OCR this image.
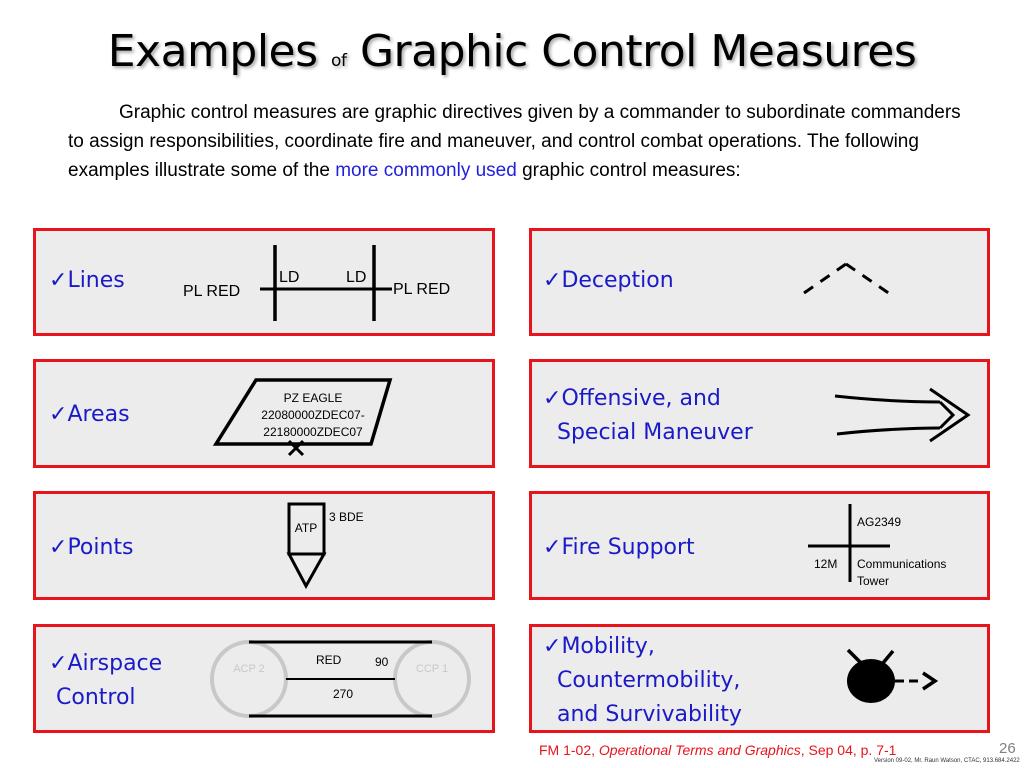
Examples of Graphic Control Measures

Graphic control measures are graphic directives given by a commander to subordinate commanders to assign responsibilities, coordinate fire and maneuver, and control combat operations. The following examples illustrate some of the more commonly used graphic control measures:

✓Lines	PL RED	PL RED
LD	LD	✓Deception
✓Areas
PZ EAGLE
22080000ZDEC07-
22180000ZDEC07
✓Offensive, and
Special Maneuver
✓Points
ATP
3 BDE
✓Fire Support
AG2349
12M Communications
Tower
✓Airspace
Control
ACP 2	CCP 1
RED	90
270
✓Mobility,
Countermobility,
and Survivability
FM 1-02, Operational Terms and Graphics, Sep 04, p. 7-1	26
Version 09-02, Mr. Raun Watson, CTAC, 913.684.2422
